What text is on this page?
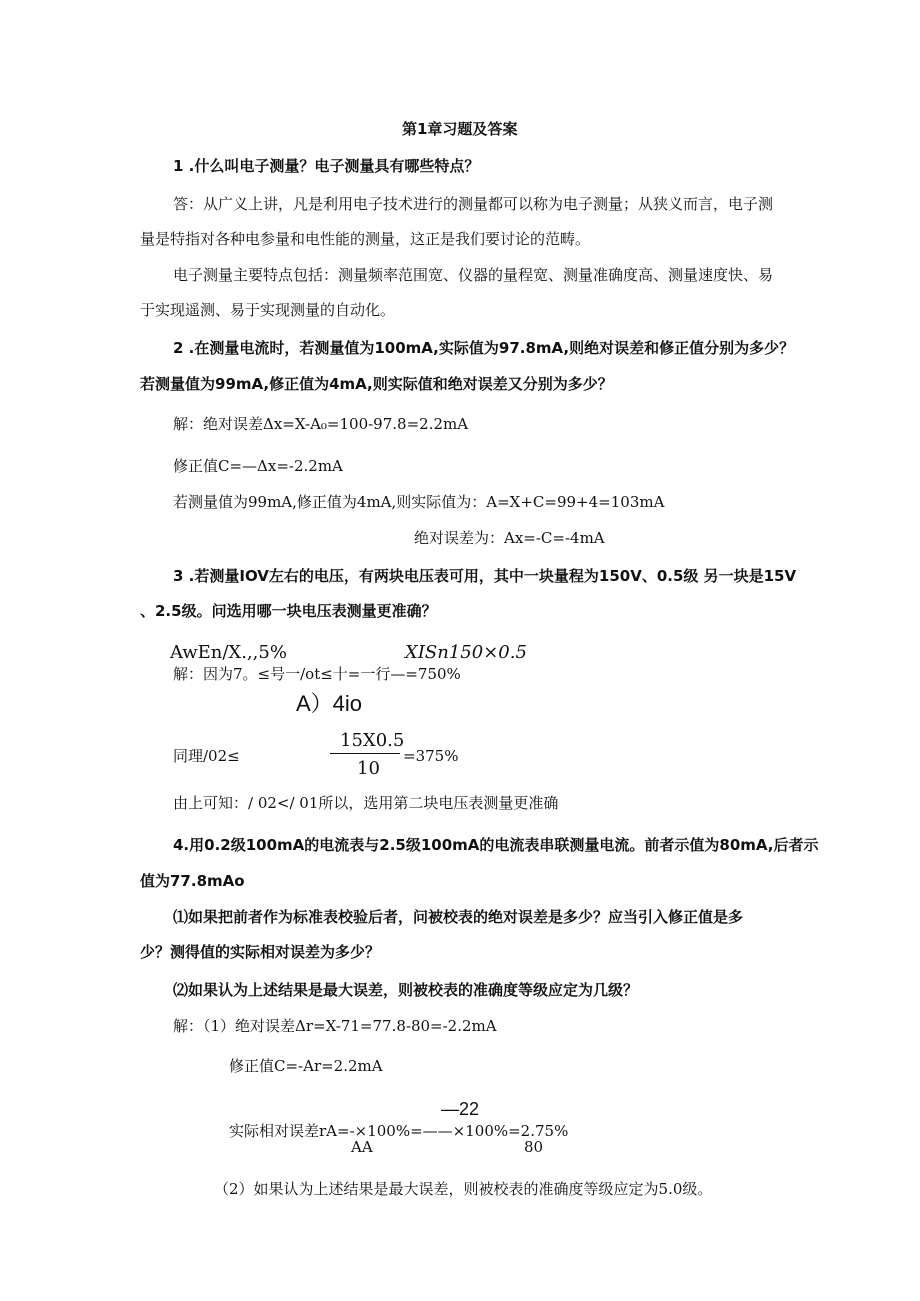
第1章习题及答案
1 .什么叫电子测量？电子测量具有哪些特点？
答：从广义上讲，凡是利用电子技术进行的测量都可以称为电子测量；从狭义而言，电子测
量是特指对各种电参量和电性能的测量，这正是我们要讨论的范畴。
电子测量主要特点包括：测量频率范围宽、仪器的量程宽、测量准确度高、测量速度快、易
于实现遥测、易于实现测量的自动化。
2 .在测量电流时，若测量值为100mA,实际值为97.8mA,则绝对误差和修正值分别为多少？
若测量值为99mA,修正值为4mA,则实际值和绝对误差又分别为多少？
解：绝对误差Δx=X-A₀=100-97.8=2.2mA
修正值C=—Δx=-2.2mA
若测量值为99mA,修正值为4mA,则实际值为：A=X+C=99+4=103mA
绝对误差为：Ax=-C=-4mA
3 .若测量IOV左右的电压，有两块电压表可用，其中一块量程为150V、0.5级 另一块是15V
、2.5级。问选用哪一块电压表测量更准确？
AwEn/X.,,5%	XISn150×0.5
解：因为7。≤号一/ot≤十=一行—=750%
A）4io
同理/02≤
15X0.5
10
=375%
由上可知：/ 02</ 01所以，选用第二块电压表测量更准确
4.用0.2级100mA的电流表与2.5级100mA的电流表串联测量电流。前者示值为80mA,后者示
值为77.8mAo
⑴如果把前者作为标准表校验后者，问被校表的绝对误差是多少？应当引入修正值是多
少？测得值的实际相对误差为多少？
⑵如果认为上述结果是最大误差，则被校表的准确度等级应定为几级？
解：（1）绝对误差Δr=X-71=77.8-80=-2.2mA
修正值C=-Ar=2.2mA
—22
实际相对误差rA=-×100%=——×100%=2.75%
AA	80
（2）如果认为上述结果是最大误差，则被校表的准确度等级应定为5.0级。
